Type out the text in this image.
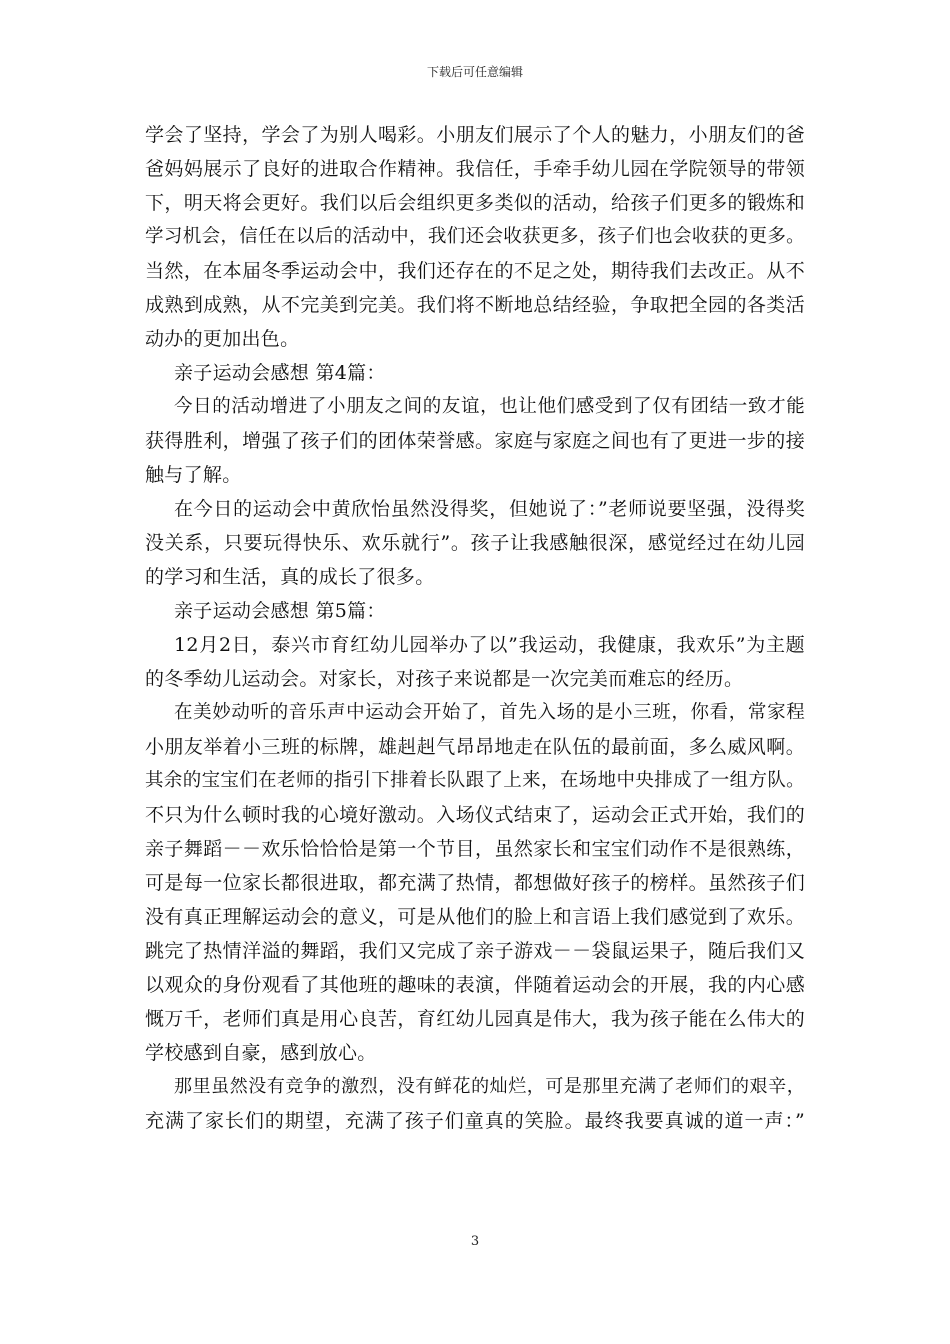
下载后可任意编辑
学会了坚持，学会了为别人喝彩。小朋友们展示了个人的魅力，小朋友们的爸
爸妈妈展示了良好的进取合作精神。我信任，手牵手幼儿园在学院领导的带领
下，明天将会更好。我们以后会组织更多类似的活动，给孩子们更多的锻炼和
学习机会，信任在以后的活动中，我们还会收获更多，孩子们也会收获的更多。
当然，在本届冬季运动会中，我们还存在的不足之处，期待我们去改正。从不
成熟到成熟，从不完美到完美。我们将不断地总结经验，争取把全园的各类活
动办的更加出色。
亲子运动会感想 第4篇：
今日的活动增进了小朋友之间的友谊，也让他们感受到了仅有团结一致才能
获得胜利，增强了孩子们的团体荣誉感。家庭与家庭之间也有了更进一步的接
触与了解。
在今日的运动会中黄欣怡虽然没得奖，但她说了：”老师说要坚强，没得奖
没关系，只要玩得快乐、欢乐就行”。孩子让我感触很深，感觉经过在幼儿园
的学习和生活，真的成长了很多。
亲子运动会感想 第5篇：
12月2日，泰兴市育红幼儿园举办了以”我运动，我健康，我欢乐”为主题
的冬季幼儿运动会。对家长，对孩子来说都是一次完美而难忘的经历。
在美妙动听的音乐声中运动会开始了，首先入场的是小三班，你看，常家程
小朋友举着小三班的标牌，雄赳赳气昂昂地走在队伍的最前面，多么威风啊。
其余的宝宝们在老师的指引下排着长队跟了上来，在场地中央排成了一组方队。
不只为什么顿时我的心境好激动。入场仪式结束了，运动会正式开始，我们的
亲子舞蹈－－欢乐恰恰恰是第一个节目，虽然家长和宝宝们动作不是很熟练，
可是每一位家长都很进取，都充满了热情，都想做好孩子的榜样。虽然孩子们
没有真正理解运动会的意义，可是从他们的脸上和言语上我们感觉到了欢乐。
跳完了热情洋溢的舞蹈，我们又完成了亲子游戏－－袋鼠运果子，随后我们又
以观众的身份观看了其他班的趣味的表演，伴随着运动会的开展，我的内心感
慨万千，老师们真是用心良苦，育红幼儿园真是伟大，我为孩子能在么伟大的
学校感到自豪，感到放心。
那里虽然没有竞争的激烈，没有鲜花的灿烂，可是那里充满了老师们的艰辛，
充满了家长们的期望，充满了孩子们童真的笑脸。最终我要真诚的道一声：”
3
